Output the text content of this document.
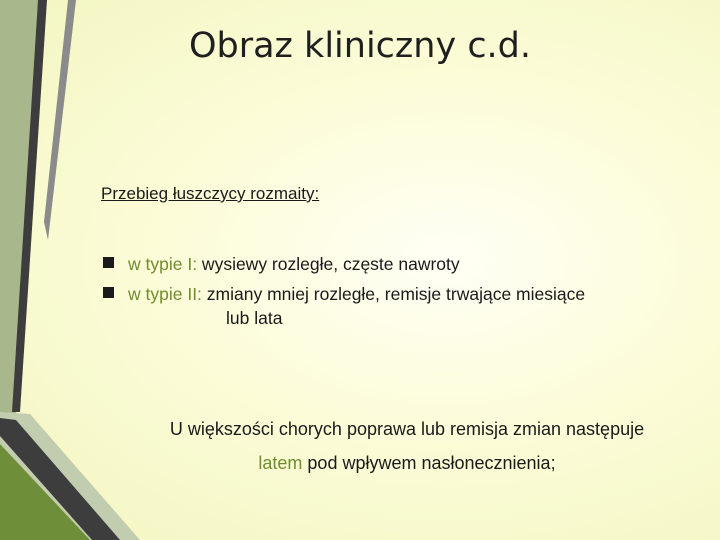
Obraz kliniczny c.d.
Przebieg łuszczycy rozmaity:
w typie I: wysiewy rozległe, częste nawroty
w typie II: zmiany mniej rozległe, remisje trwające miesiące
lub lata
U większości chorych poprawa lub remisja zmian następuje
latem pod wpływem nasłonecznienia;
